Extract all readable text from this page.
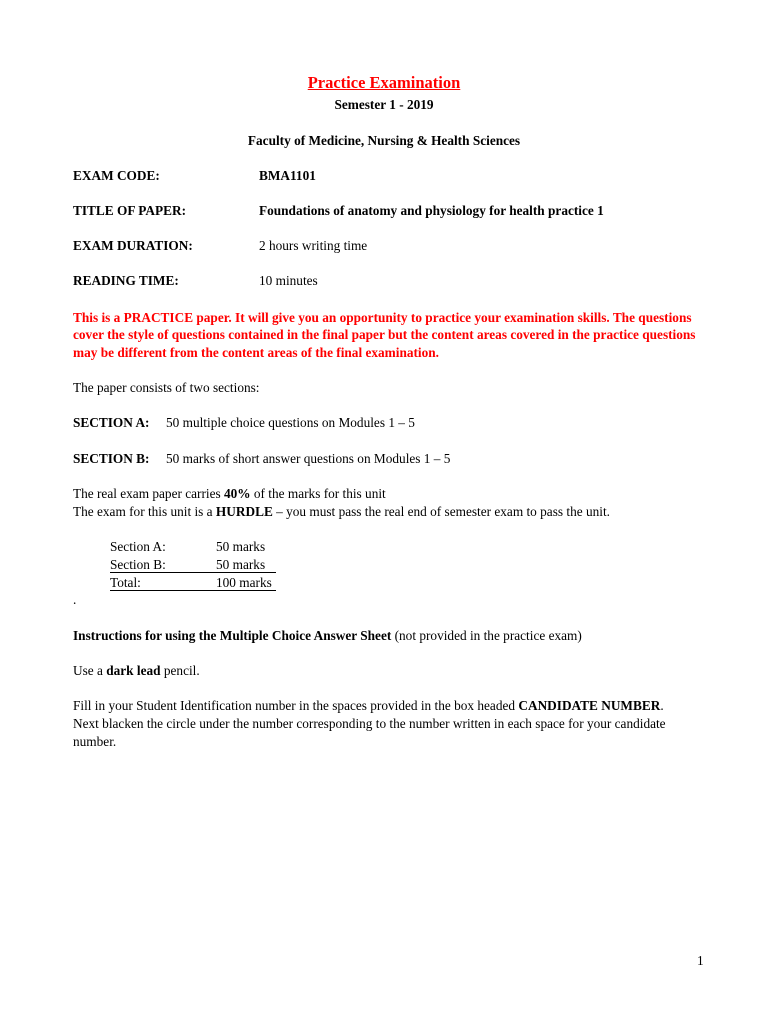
Practice Examination
Semester 1 - 2019
Faculty of Medicine, Nursing & Health Sciences
EXAM CODE:	BMA1101
TITLE OF PAPER:	Foundations of anatomy and physiology for health practice 1
EXAM DURATION:	2 hours writing time
READING TIME:	10 minutes
This is a PRACTICE paper. It will give you an opportunity to practice your examination skills. The questions
cover the style of questions contained in the final paper but the content areas covered in the practice questions
may be different from the content areas of the final examination.
The paper consists of two sections:
SECTION A: 50 multiple choice questions on Modules 1 – 5
SECTION B: 50 marks of short answer questions on Modules 1 – 5
The real exam paper carries 40% of the marks for this unit
The exam for this unit is a HURDLE – you must pass the real end of semester exam to pass the unit.
Section A:	50 marks
Section B:	50 marks
Total:	100 marks
.
Instructions for using the Multiple Choice Answer Sheet (not provided in the practice exam)
Use a dark lead pencil.
Fill in your Student Identification number in the spaces provided in the box headed CANDIDATE NUMBER.
Next blacken the circle under the number corresponding to the number written in each space for your candidate
number.
1
